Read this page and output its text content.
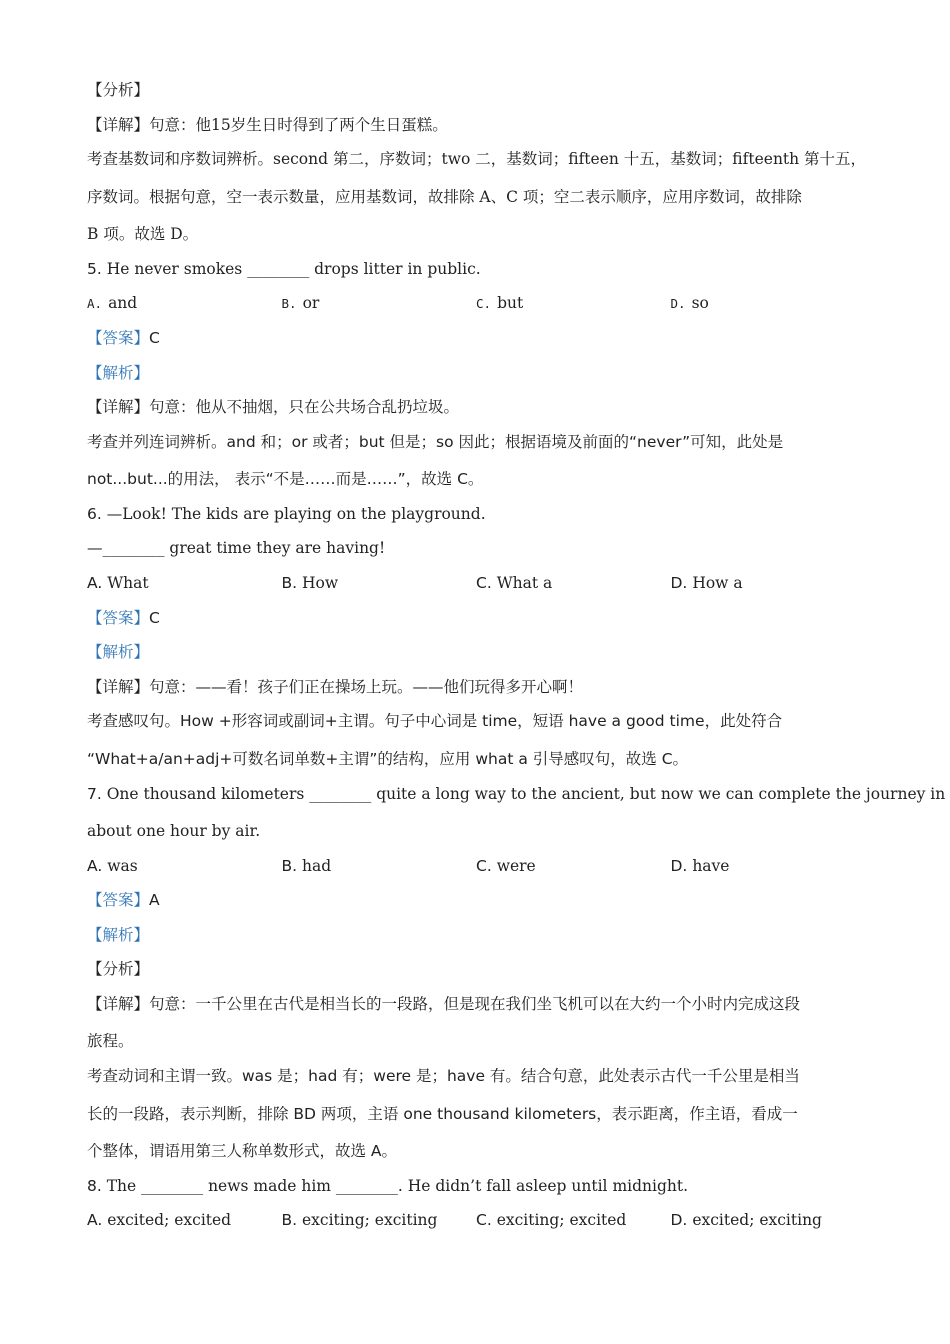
【分析】
【详解】句意：他15岁生日时得到了两个生日蛋糕。
考查基数词和序数词辨析。second 第二，序数词；two 二，基数词；fifteen 十五，基数词；fifteenth 第十五，
序数词。根据句意，空一表示数量，应用基数词，故排除 A、C 项；空二表示顺序，应用序数词，故排除
B 项。故选 D。
5. He never smokes ________ drops litter in public.
A. and	B. or	C. but	D. so
【答案】C
【解析】
【详解】句意：他从不抽烟，只在公共场合乱扔垃圾。
考查并列连词辨析。and 和；or 或者；but 但是；so 因此；根据语境及前面的“never”可知，此处是
not...but...的用法， 表示“不是……而是……”，故选 C。
6. —Look! The kids are playing on the playground.
—________ great time they are having!
A. What	B. How	C. What a	D. How a
【答案】C
【解析】
【详解】句意：——看！孩子们正在操场上玩。——他们玩得多开心啊！
考查感叹句。How +形容词或副词+主谓。句子中心词是 time，短语 have a good time，此处符合
“What+a/an+adj+可数名词单数+主谓”的结构，应用 what a 引导感叹句，故选 C。
7. One thousand kilometers ________ quite a long way to the ancient, but now we can complete the journey in
about one hour by air.
A. was	B. had	C. were	D. have
【答案】A
【解析】
【分析】
【详解】句意：一千公里在古代是相当长的一段路，但是现在我们坐飞机可以在大约一个小时内完成这段
旅程。
考查动词和主谓一致。was 是；had 有；were 是；have 有。结合句意，此处表示古代一千公里是相当
长的一段路，表示判断，排除 BD 两项，主语 one thousand kilometers，表示距离，作主语，看成一
个整体，谓语用第三人称单数形式，故选 A。
8. The ________ news made him ________. He didn’t fall asleep until midnight.
A. excited; excited	B. exciting; exciting	C. exciting; excited	D. excited; exciting
